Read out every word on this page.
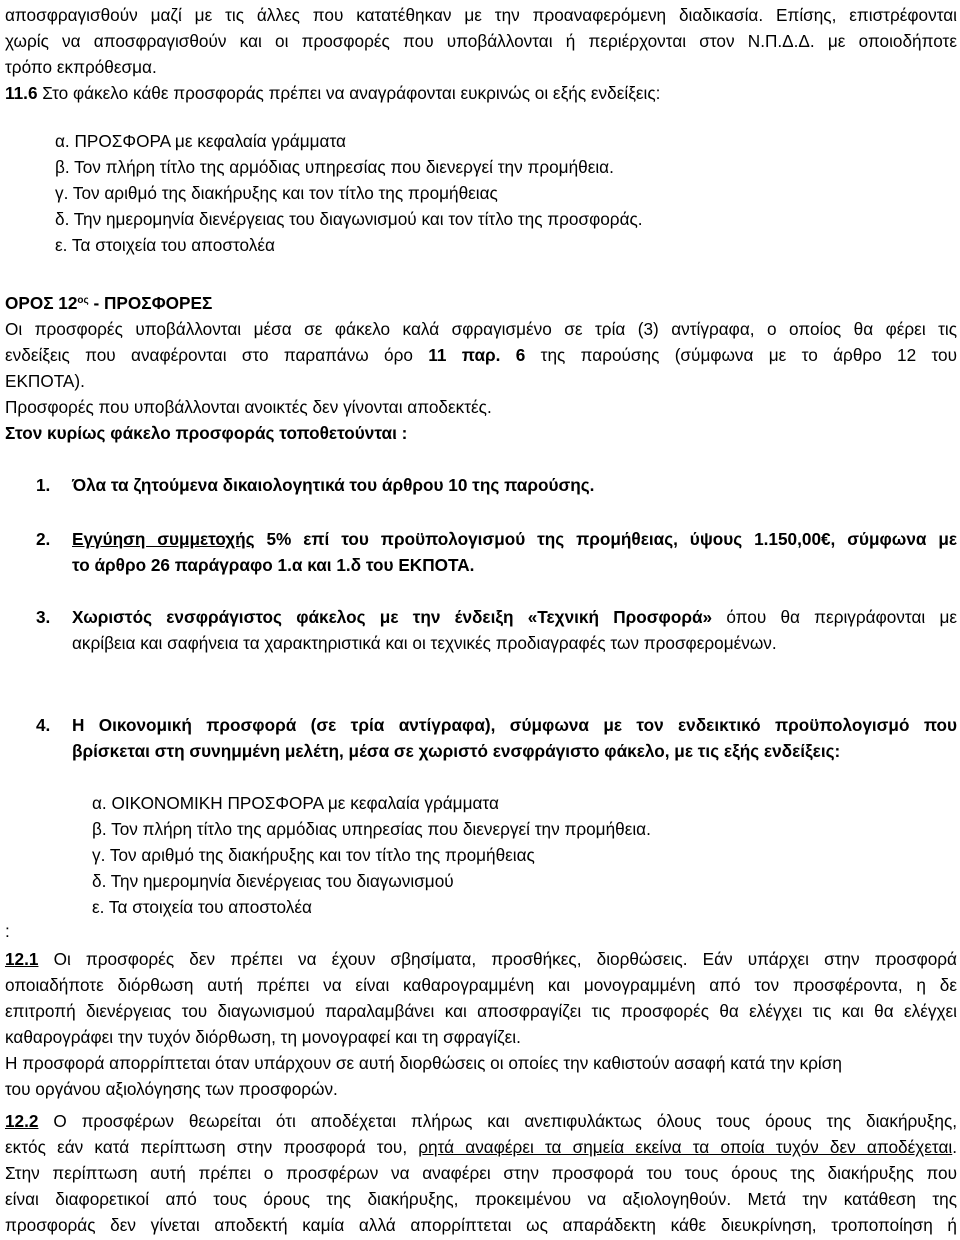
αποσφραγισθούν μαζί με τις άλλες που κατατέθηκαν με την προαναφερόμενη διαδικασία. Επίσης, επιστρέφονται
χωρίς να αποσφραγισθούν και οι προσφορές που υποβάλλονται ή περιέρχονται στον Ν.Π.Δ.Δ. με οποιοδήποτε
τρόπο εκπρόθεσμα.
11.6 Στο φάκελο κάθε προσφοράς πρέπει να αναγράφονται ευκρινώς οι εξής ενδείξεις:
α. ΠΡΟΣΦΟΡΑ με κεφαλαία γράμματα
β. Τον πλήρη τίτλο της αρμόδιας υπηρεσίας που διενεργεί την προμήθεια.
γ. Τον αριθμό της διακήρυξης και τον τίτλο της προμήθειας
δ. Την ημερομηνία διενέργειας του διαγωνισμού και τον τίτλο της προσφοράς.
ε. Τα στοιχεία του αποστολέα
ΟΡΟΣ $12^{o\varsigma}$ - ΠΡΟΣΦΟΡΕΣ
Οι προσφορές υποβάλλονται μέσα σε φάκελο καλά σφραγισμένο σε τρία (3) αντίγραφα, ο οποίος θα φέρει τις
ενδείξεις που αναφέρονται στο παραπάνω όρο 11 παρ. 6 της παρούσης (σύμφωνα με το άρθρο 12 του
ΕΚΠΟΤΑ).
Προσφορές που υποβάλλονται ανοικτές δεν γίνονται αποδεκτές.
Στον κυρίως φάκελο προσφοράς τοποθετούνται :
1. Όλα τα ζητούμενα δικαιολογητικά του άρθρου 10 της παρούσης.
2. Εγγύηση συμμετοχής 5% επί του προϋπολογισμού της προμήθειας, ύψους 1.150,00€, σύμφωνα με
το άρθρο 26 παράγραφο 1.α και 1.δ του ΕΚΠΟΤΑ.
3. Χωριστός ενσφράγιστος φάκελος με την ένδειξη «Τεχνική Προσφορά» όπου θα περιγράφονται με
ακρίβεια και σαφήνεια τα χαρακτηριστικά και οι τεχνικές προδιαγραφές των προσφερομένων.
4. Η Οικονομική προσφορά (σε τρία αντίγραφα), σύμφωνα με τον ενδεικτικό προϋπολογισμό που
βρίσκεται στη συνημμένη μελέτη, μέσα σε χωριστό ενσφράγιστο φάκελο, με τις εξής ενδείξεις:
α. ΟΙΚΟΝΟΜΙΚΗ ΠΡΟΣΦΟΡΑ με κεφαλαία γράμματα
β. Τον πλήρη τίτλο της αρμόδιας υπηρεσίας που διενεργεί την προμήθεια.
γ. Τον αριθμό της διακήρυξης και τον τίτλο της προμήθειας
δ. Την ημερομηνία διενέργειας του διαγωνισμού
ε. Τα στοιχεία του αποστολέα
:
12.1 Οι προσφορές δεν πρέπει να έχουν σβησίματα, προσθήκες, διορθώσεις. Εάν υπάρχει στην προσφορά
οποιαδήποτε διόρθωση αυτή πρέπει να είναι καθαρογραμμένη και μονογραμμένη από τον προσφέροντα, η δε
επιτροπή διενέργειας του διαγωνισμού παραλαμβάνει και αποσφραγίζει τις προσφορές θα ελέγχει τις και θα ελέγχει
καθαρογράφει την τυχόν διόρθωση, τη μονογραφεί και τη σφραγίζει.
Η προσφορά απορρίπτεται όταν υπάρχουν σε αυτή διορθώσεις οι οποίες την καθιστούν ασαφή κατά την κρίση
του οργάνου αξιολόγησης των προσφορών.
12.2 Ο προσφέρων θεωρείται ότι αποδέχεται πλήρως και ανεπιφυλάκτως όλους τους όρους της διακήρυξης,
εκτός εάν κατά περίπτωση στην προσφορά του, ρητά αναφέρει τα σημεία εκείνα τα οποία τυχόν δεν αποδέχεται.
Στην περίπτωση αυτή πρέπει ο προσφέρων να αναφέρει στην προσφορά του τους όρους της διακήρυξης που
είναι διαφορετικοί από τους όρους της διακήρυξης, προκειμένου να αξιολογηθούν. Μετά την κατάθεση της
προσφοράς δεν γίνεται αποδεκτή καμία αλλά απορρίπτεται ως απαράδεκτη κάθε διευκρίνηση, τροποποίηση ή
